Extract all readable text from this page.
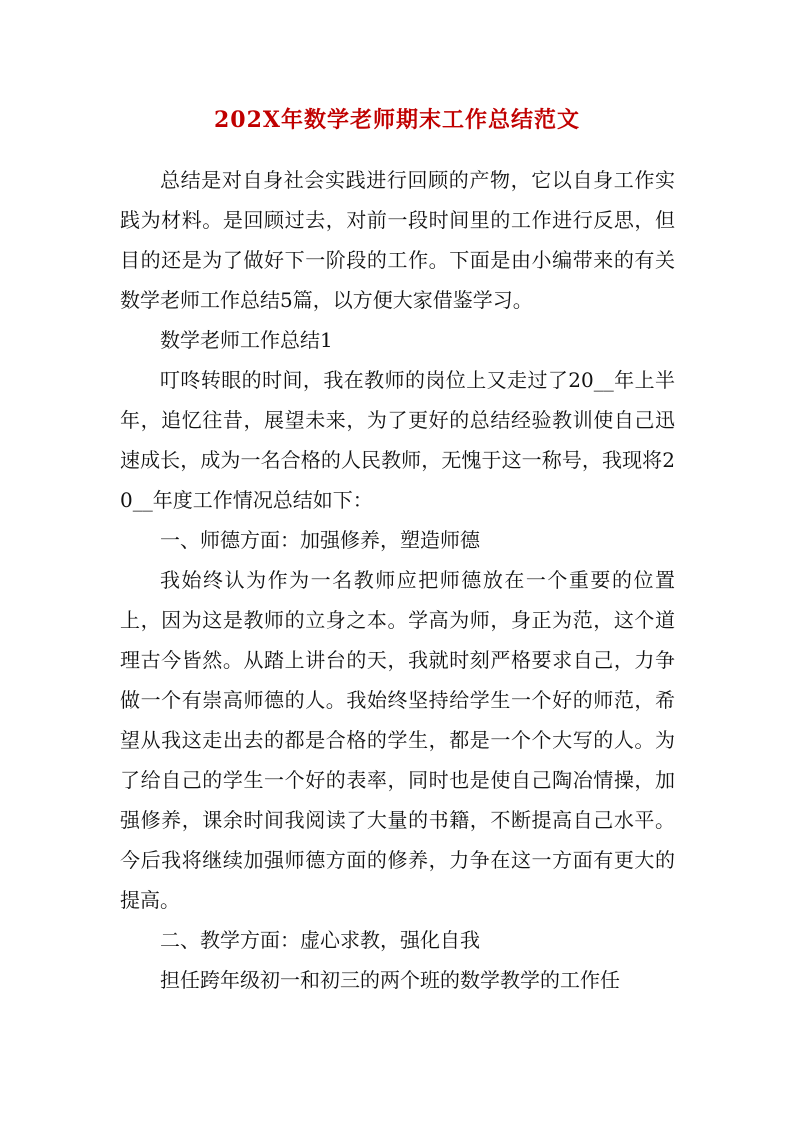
202X年数学老师期末工作总结范文

总结是对自身社会实践进行回顾的产物，它以自身工作实践为材料。是回顾过去，对前一段时间里的工作进行反思，但目的还是为了做好下一阶段的工作。下面是由小编带来的有关数学老师工作总结5篇，以方便大家借鉴学习。

数学老师工作总结1

叮咚转眼的时间，我在教师的岗位上又走过了20__年上半年，追忆往昔，展望未来，为了更好的总结经验教训使自己迅速成长，成为一名合格的人民教师，无愧于这一称号，我现将20__年度工作情况总结如下：

一、师德方面：加强修养，塑造师德

我始终认为作为一名教师应把师德放在一个重要的位置上，因为这是教师的立身之本。学高为师，身正为范，这个道理古今皆然。从踏上讲台的天，我就时刻严格要求自己，力争做一个有崇高师德的人。我始终坚持给学生一个好的师范，希望从我这走出去的都是合格的学生，都是一个个大写的人。为了给自己的学生一个好的表率，同时也是使自己陶冶情操，加强修养，课余时间我阅读了大量的书籍，不断提高自己水平。今后我将继续加强师德方面的修养，力争在这一方面有更大的提高。

二、教学方面：虚心求教，强化自我

担任跨年级初一和初三的两个班的数学教学的工作任
